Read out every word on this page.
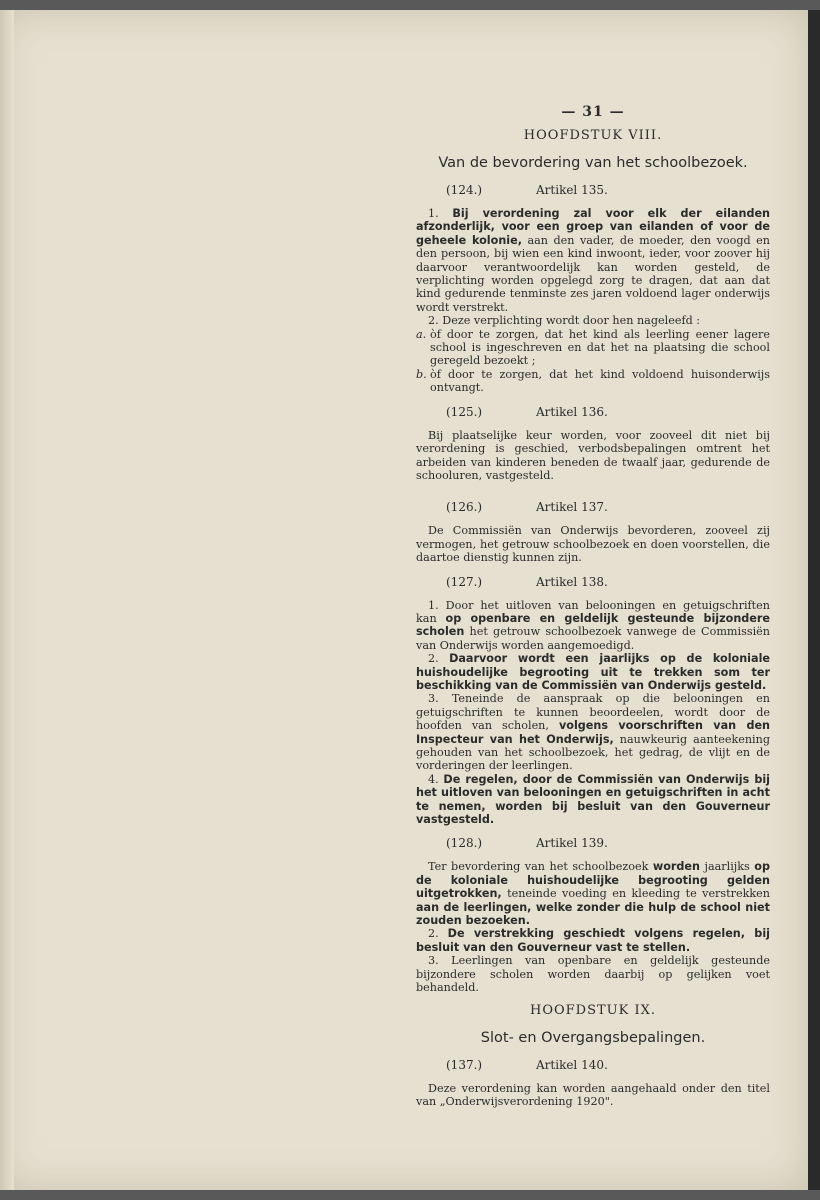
— 31 —
HOOFDSTUK VIII.
Van de bevordering van het schoolbezoek.
(124.)	Artikel 135.

1. Bij verordening zal voor elk der eilanden afzonderlijk, voor een groep van eilanden of voor de geheele kolonie, aan den vader, de moeder, den voogd en den persoon, bij wien een kind inwoont, ieder, voor zoover hij daarvoor verantwoordelijk kan worden gesteld, de verplichting worden opgelegd zorg te dragen, dat aan dat kind gedurende tenminste zes jaren voldoend lager onderwijs wordt verstrekt.

2. Deze verplichting wordt door hen nageleefd :

a. òf door te zorgen, dat het kind als leerling eener lagere school is ingeschreven en dat het na plaatsing die school geregeld bezoekt ;
b. òf door te zorgen, dat het kind voldoend huisonderwijs ontvangt.
(125.)	Artikel 136.

Bij plaatselijke keur worden, voor zooveel dit niet bij verordening is geschied, verbodsbepalingen omtrent het arbeiden van kinderen beneden de twaalf jaar, gedurende de schooluren, vastgesteld.

(126.)	Artikel 137.

De Commissiën van Onderwijs bevorderen, zooveel zij vermogen, het getrouw schoolbezoek en doen voorstellen, die daartoe dienstig kunnen zijn.

(127.)	Artikel 138.

1. Door het uitloven van belooningen en getuigschriften kan op openbare en geldelijk gesteunde bijzondere scholen het getrouw schoolbezoek vanwege de Commissiën van Onderwijs worden aangemoedigd.

2. Daarvoor wordt een jaarlijks op de koloniale huishoudelijke begrooting uit te trekken som ter beschikking van de Commissiën van Onderwijs gesteld.

3. Teneinde de aanspraak op die belooningen en getuigschriften te kunnen beoordeelen, wordt door de hoofden van scholen, volgens voorschriften van den Inspecteur van het Onderwijs, nauwkeurig aanteekening gehouden van het schoolbezoek, het gedrag, de vlijt en de vorderingen der leerlingen.

4. De regelen, door de Commissiën van Onderwijs bij het uitloven van belooningen en getuigschriften in acht te nemen, worden bij besluit van den Gouverneur vastgesteld.

(128.)	Artikel 139.

Ter bevordering van het schoolbezoek worden jaarlijks op de koloniale huishoudelijke begrooting gelden uitgetrokken, teneinde voeding en kleeding te verstrekken aan de leerlingen, welke zonder die hulp de school niet zouden bezoeken.

2. De verstrekking geschiedt volgens regelen, bij besluit van den Gouverneur vast te stellen.

3. Leerlingen van openbare en geldelijk gesteunde bijzondere scholen worden daarbij op gelijken voet behandeld.

HOOFDSTUK IX.
Slot- en Overgangsbepalingen.
(137.)	Artikel 140.

Deze verordening kan worden aangehaald onder den titel van „Onderwijsverordening 1920".
